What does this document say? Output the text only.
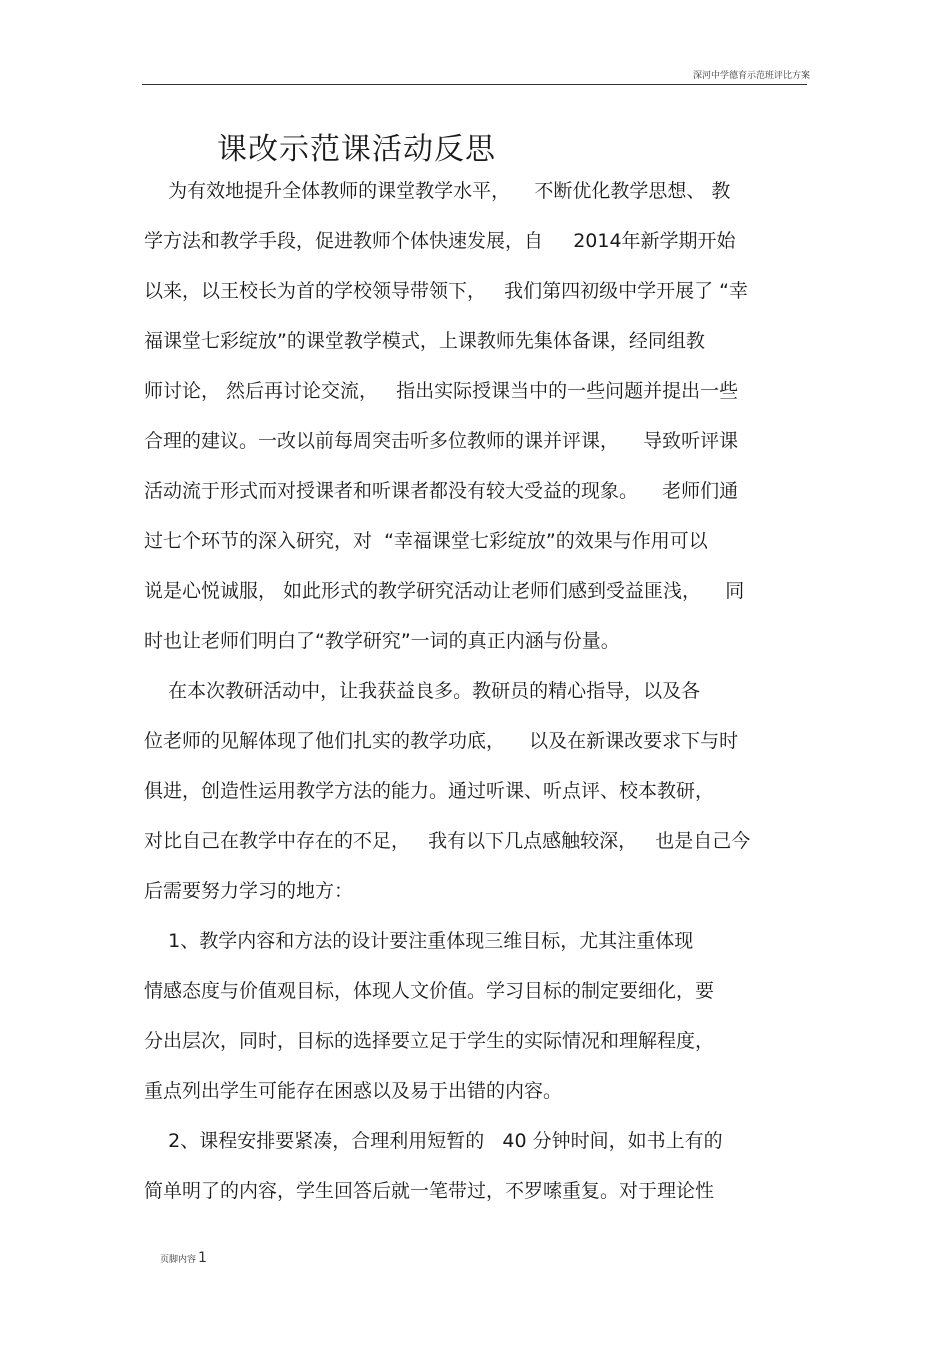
深河中学德育示范班评比方案
课改示范课活动反思
为有效地提升全体教师的课堂教学水平，    不断优化教学思想、 教
学方法和教学手段，促进教师个体快速发展，自     2014年新学期开始
以来，以王校长为首的学校领导带领下，   我们第四初级中学开展了 “幸
福课堂七彩绽放”的课堂教学模式，上课教师先集体备课，经同组教
师讨论， 然后再讨论交流，   指出实际授课当中的一些问题并提出一些
合理的建议。一改以前每周突击听多位教师的课并评课，    导致听评课
活动流于形式而对授课者和听课者都没有较大受益的现象。    老师们通
过七个环节的深入研究，对  “幸福课堂七彩绽放”的效果与作用可以
说是心悦诚服， 如此形式的教学研究活动让老师们感到受益匪浅，    同
时也让老师们明白了“教学研究”一词的真正内涵与份量。
在本次教研活动中，让我获益良多。教研员的精心指导，以及各
位老师的见解体现了他们扎实的教学功底，    以及在新课改要求下与时
俱进，创造性运用教学方法的能力。通过听课、听点评、校本教研，
对比自己在教学中存在的不足，   我有以下几点感触较深，   也是自己今
后需要努力学习的地方：
1、教学内容和方法的设计要注重体现三维目标，尤其注重体现
情感态度与价值观目标，体现人文价值。学习目标的制定要细化，要
分出层次，同时，目标的选择要立足于学生的实际情况和理解程度，
重点列出学生可能存在困惑以及易于出错的内容。
2、课程安排要紧凑，合理利用短暂的   40 分钟时间，如书上有的
简单明了的内容，学生回答后就一笔带过，不罗嗦重复。对于理论性
页脚内容 1
